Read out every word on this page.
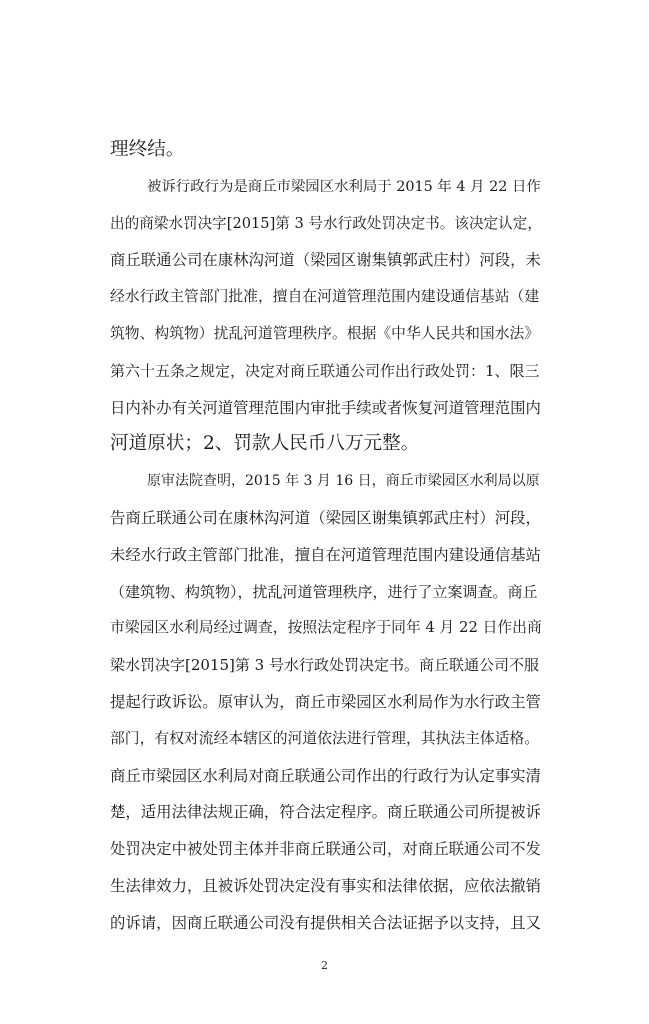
理终结。
被诉行政行为是商丘市梁园区水利局于 2015 年 4 月 22 日作
出的商梁水罚决字[2015]第 3 号水行政处罚决定书。该决定认定，
商丘联通公司在康林沟河道（梁园区谢集镇郭武庄村）河段，未
经水行政主管部门批准，擅自在河道管理范围内建设通信基站（建
筑物、构筑物）扰乱河道管理秩序。根据《中华人民共和国水法》
第六十五条之规定，决定对商丘联通公司作出行政处罚：1、限三
日内补办有关河道管理范围内审批手续或者恢复河道管理范围内
河道原状；2、罚款人民币八万元整。
原审法院查明，2015 年 3 月 16 日，商丘市梁园区水利局以原
告商丘联通公司在康林沟河道（梁园区谢集镇郭武庄村）河段，
未经水行政主管部门批准，擅自在河道管理范围内建设通信基站
（建筑物、构筑物），扰乱河道管理秩序，进行了立案调查。商丘
市梁园区水利局经过调查，按照法定程序于同年 4 月 22 日作出商
梁水罚决字[2015]第 3 号水行政处罚决定书。商丘联通公司不服
提起行政诉讼。原审认为，商丘市梁园区水利局作为水行政主管
部门，有权对流经本辖区的河道依法进行管理，其执法主体适格。
商丘市梁园区水利局对商丘联通公司作出的行政行为认定事实清
楚，适用法律法规正确，符合法定程序。商丘联通公司所提被诉
处罚决定中被处罚主体并非商丘联通公司，对商丘联通公司不发
生法律效力，且被诉处罚决定没有事实和法律依据，应依法撤销
的诉请，因商丘联通公司没有提供相关合法证据予以支持，且又
2
